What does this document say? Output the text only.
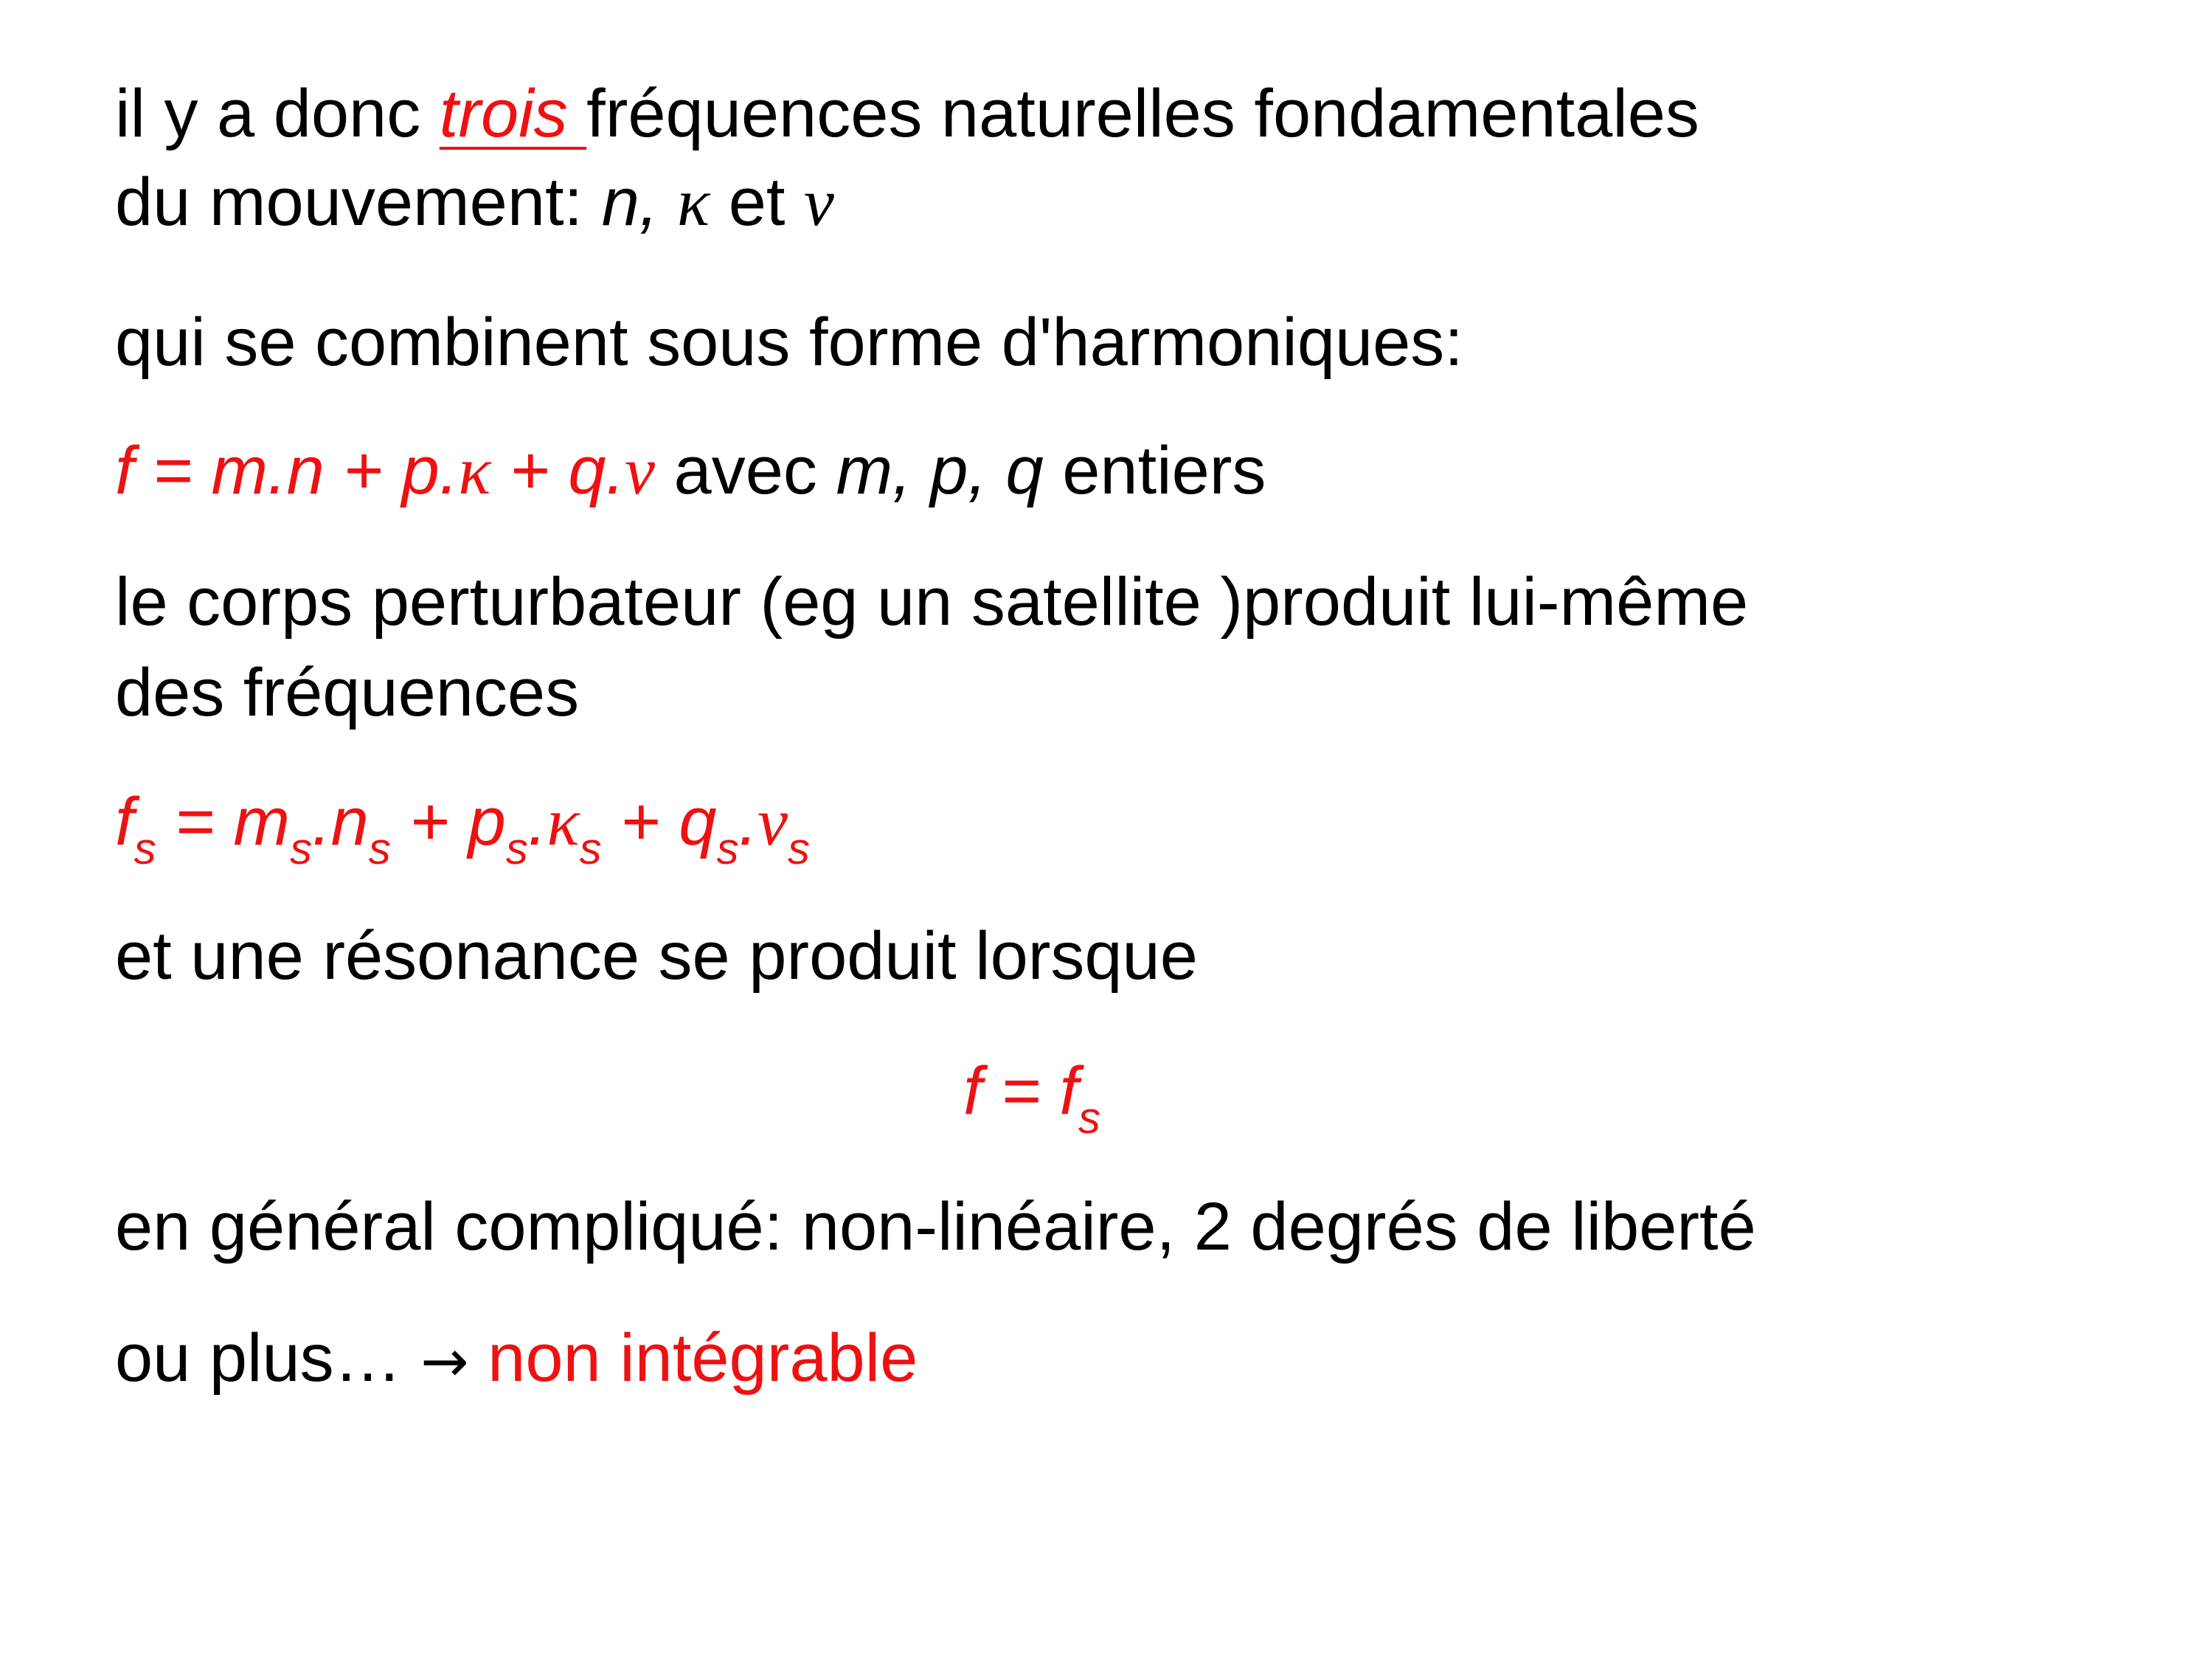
il y a donc trois fréquences naturelles fondamentales
du mouvement: n, κ et ν
qui se combinent sous forme d'harmoniques:
f = m.n + p.κ + q.ν avec m, p, q entiers
le corps perturbateur (eg un satellite )produit lui-même
des fréquences
$f_s = m_s.n_s + p_s.\kappa_s + q_s.\nu_s$
et une résonance se produit lorsque
$f = f_s$
en général compliqué: non-linéaire, 2 degrés de liberté
ou plus… → non intégrable
